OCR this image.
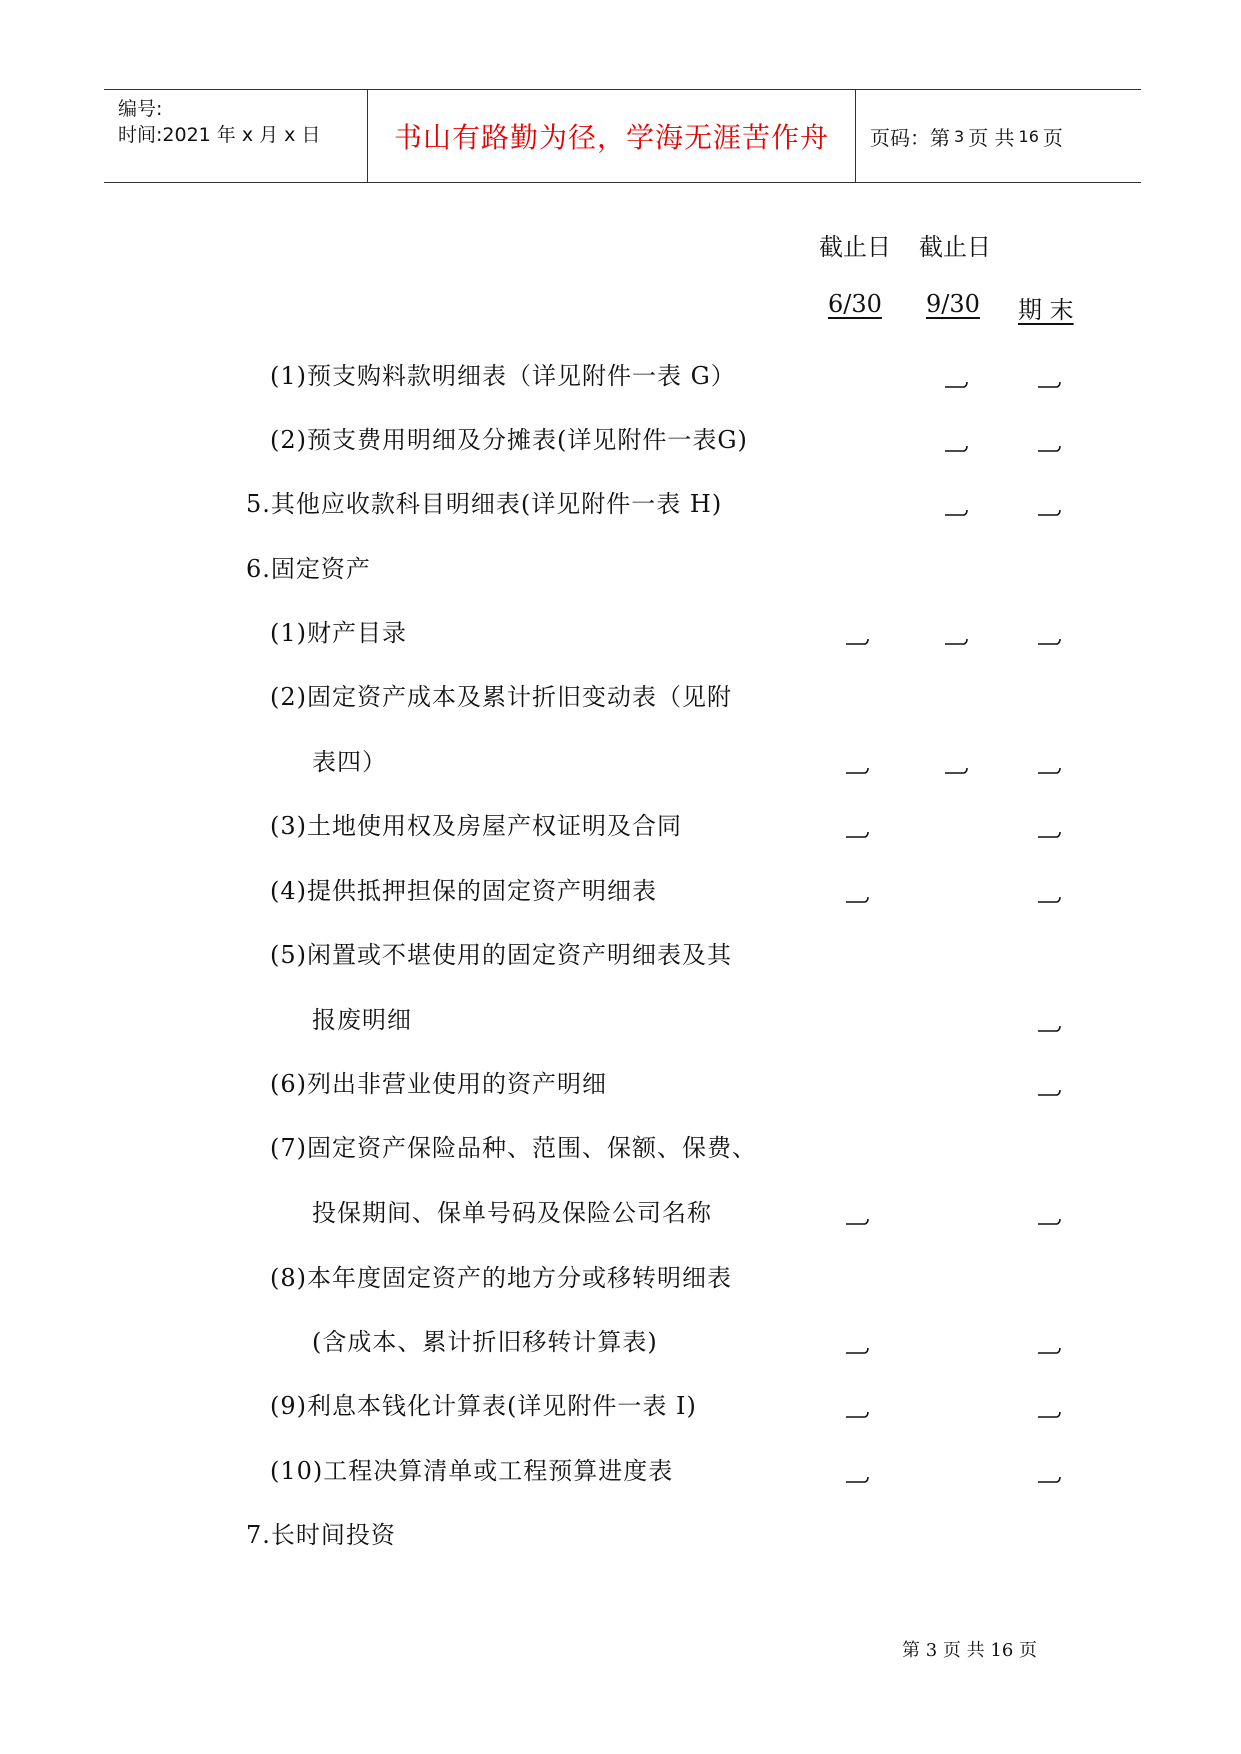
编号:
时间:2021 年 x 月 x 日	书山有路勤为径，学海无涯苦作舟 页码：第 3 页 共 16 页
截止日 截止日
6/30 9/30 期 末
(1)预支购料款明细表（详见附件一表 G）
(2)预支费用明细及分摊表(详见附件一表G)
5.其他应收款科目明细表(详见附件一表 H)
6.固定资产
(1)财产目录
(2)固定资产成本及累计折旧变动表（见附
表四）
(3)土地使用权及房屋产权证明及合同
(4)提供抵押担保的固定资产明细表
(5)闲置或不堪使用的固定资产明细表及其
报废明细
(6)列出非营业使用的资产明细
(7)固定资产保险品种、范围、保额、保费、
投保期间、保单号码及保险公司名称
(8)本年度固定资产的地方分或移转明细表
(含成本、累计折旧移转计算表)
(9)利息本钱化计算表(详见附件一表 I)
(10)工程决算清单或工程预算进度表
7.长时间投资
第 3 页 共 16 页
